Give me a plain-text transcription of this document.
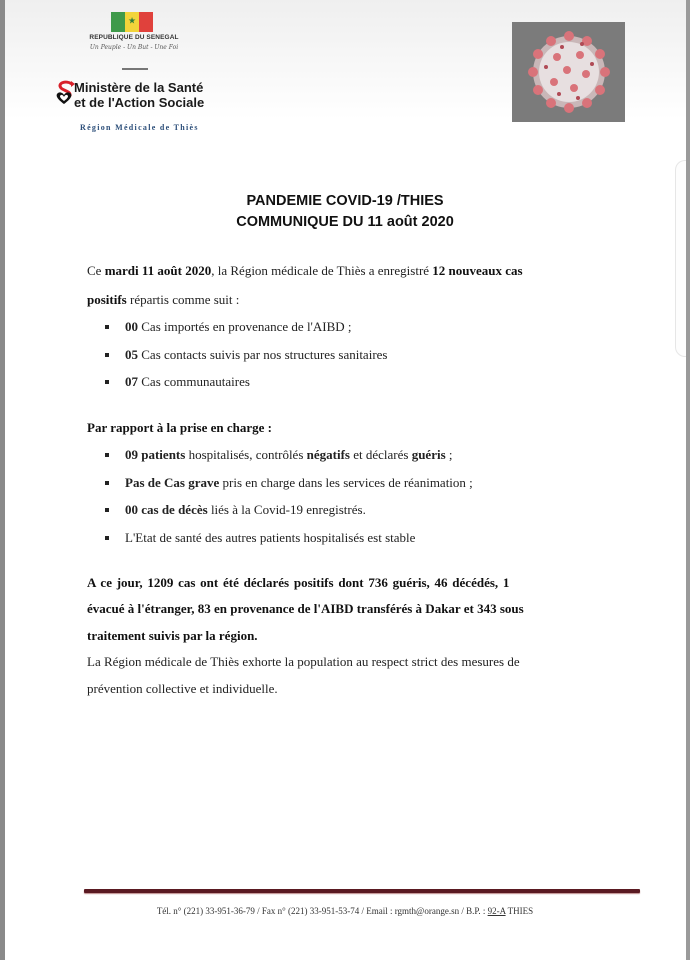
★
REPUBLIQUE DU SENEGAL
Un Peuple - Un But - Une Foi
Ministère de la Santé
et de l'Action Sociale
Région Médicale de Thiès
PANDEMIE COVID-19 /THIES
COMMUNIQUE DU 11 août 2020
Ce mardi 11 août 2020, la Région médicale de Thiès a enregistré 12 nouveaux cas
positifs répartis comme suit :
00 Cas importés en provenance de l'AIBD ;
05 Cas contacts suivis par nos structures sanitaires
07 Cas communautaires
Par rapport à la prise en charge :
09 patients hospitalisés, contrôlés négatifs et déclarés guéris ;
Pas de Cas grave pris en charge dans les services de réanimation ;
00 cas de décès liés à la Covid-19 enregistrés.
L'Etat de santé des autres patients hospitalisés est stable
A ce jour, 1209 cas ont été déclarés positifs dont 736 guéris, 46 décédés, 1
évacué à l'étranger, 83 en provenance de l'AIBD transférés à Dakar et 343 sous
traitement suivis par la région.
La Région médicale de Thiès exhorte la population au respect strict des mesures de
prévention collective et individuelle.
Tél. n° (221) 33-951-36-79 / Fax n° (221) 33-951-53-74 / Email : rgmth@orange.sn / B.P. : 92-A THIES
